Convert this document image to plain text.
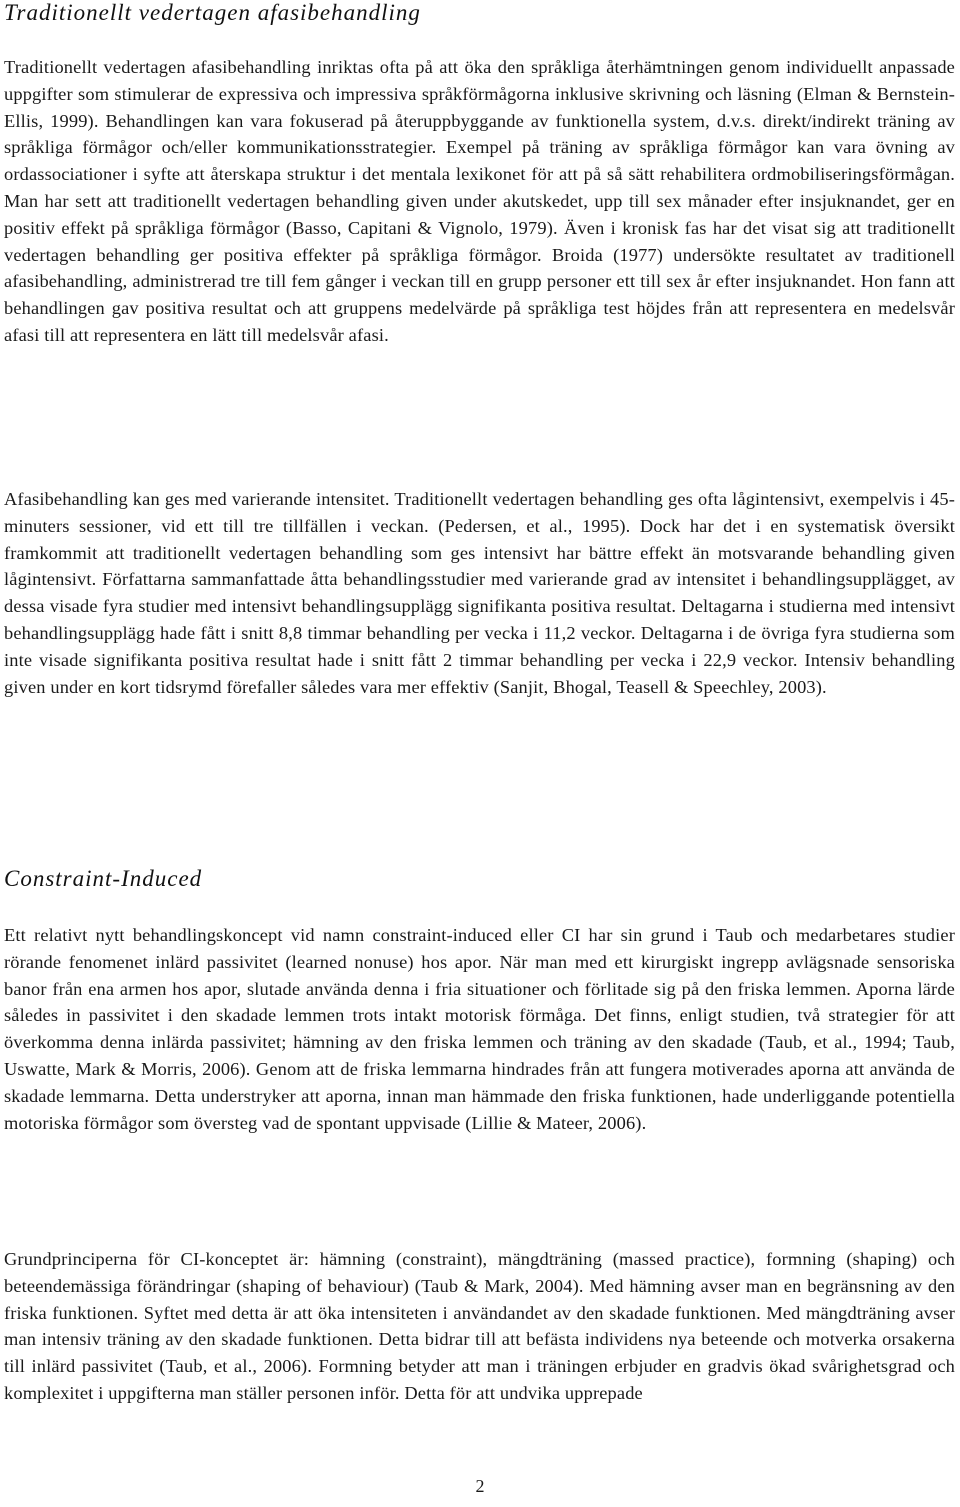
Traditionellt vedertagen afasibehandling

Traditionellt vedertagen afasibehandling inriktas ofta på att öka den språkliga återhämtningen genom individuellt anpassade uppgifter som stimulerar de expressiva och impressiva språkförmågorna inklusive skrivning och läsning (Elman & Bernstein-Ellis, 1999). Behandlingen kan vara fokuserad på återuppbyggande av funktionella system, d.v.s. direkt/indirekt träning av språkliga förmågor och/eller kommunikationsstrategier. Exempel på träning av språkliga förmågor kan vara övning av ordassociationer i syfte att återskapa struktur i det mentala lexikonet för att på så sätt rehabilitera ordmobiliseringsförmågan. Man har sett att traditionellt vedertagen behandling given under akutskedet, upp till sex månader efter insjuknandet, ger en positiv effekt på språkliga förmågor (Basso, Capitani & Vignolo, 1979). Även i kronisk fas har det visat sig att traditionellt vedertagen behandling ger positiva effekter på språkliga förmågor. Broida (1977) undersökte resultatet av traditionell afasibehandling, administrerad tre till fem gånger i veckan till en grupp personer ett till sex år efter insjuknandet. Hon fann att behandlingen gav positiva resultat och att gruppens medelvärde på språkliga test höjdes från att representera en medelsvår afasi till att representera en lätt till medelsvår afasi.

Afasibehandling kan ges med varierande intensitet. Traditionellt vedertagen behandling ges ofta lågintensivt, exempelvis i 45-minuters sessioner, vid ett till tre tillfällen i veckan. (Pedersen, et al., 1995). Dock har det i en systematisk översikt framkommit att traditionellt vedertagen behandling som ges intensivt har bättre effekt än motsvarande behandling given lågintensivt. Författarna sammanfattade åtta behandlingsstudier med varierande grad av intensitet i behandlingsupplägget, av dessa visade fyra studier med intensivt behandlingsupplägg signifikanta positiva resultat. Deltagarna i studierna med intensivt behandlingsupplägg hade fått i snitt 8,8 timmar behandling per vecka i 11,2 veckor. Deltagarna i de övriga fyra studierna som inte visade signifikanta positiva resultat hade i snitt fått 2 timmar behandling per vecka i 22,9 veckor. Intensiv behandling given under en kort tidsrymd förefaller således vara mer effektiv (Sanjit, Bhogal, Teasell & Speechley, 2003).

Constraint-Induced

Ett relativt nytt behandlingskoncept vid namn constraint-induced eller CI har sin grund i Taub och medarbetares studier rörande fenomenet inlärd passivitet (learned nonuse) hos apor. När man med ett kirurgiskt ingrepp avlägsnade sensoriska banor från ena armen hos apor, slutade använda denna i fria situationer och förlitade sig på den friska lemmen. Aporna lärde således in passivitet i den skadade lemmen trots intakt motorisk förmåga. Det finns, enligt studien, två strategier för att överkomma denna inlärda passivitet; hämning av den friska lemmen och träning av den skadade (Taub, et al., 1994; Taub, Uswatte, Mark & Morris, 2006). Genom att de friska lemmarna hindrades från att fungera motiverades aporna att använda de skadade lemmarna. Detta understryker att aporna, innan man hämmade den friska funktionen, hade underliggande potentiella motoriska förmågor som översteg vad de spontant uppvisade (Lillie & Mateer, 2006).

Grundprinciperna för CI-konceptet är: hämning (constraint), mängdträning (massed practice), formning (shaping) och beteendemässiga förändringar (shaping of behaviour) (Taub & Mark, 2004). Med hämning avser man en begränsning av den friska funktionen. Syftet med detta är att öka intensiteten i användandet av den skadade funktionen. Med mängdträning avser man intensiv träning av den skadade funktionen. Detta bidrar till att befästa individens nya beteende och motverka orsakerna till inlärd passivitet (Taub, et al., 2006). Formning betyder att man i träningen erbjuder en gradvis ökad svårighetsgrad och komplexitet i uppgifterna man ställer personen inför. Detta för att undvika upprepade

2
